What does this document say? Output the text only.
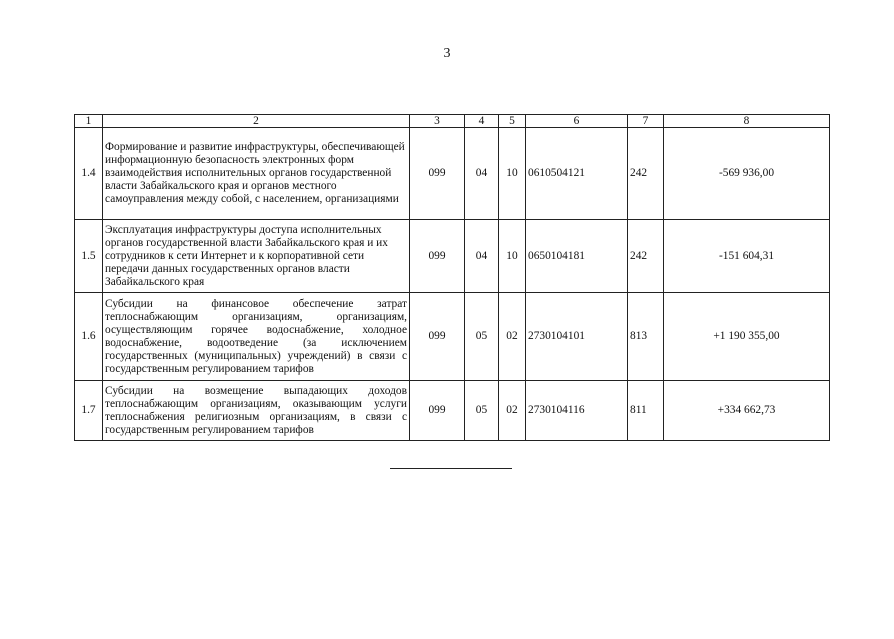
3
1	2	3	4	5	6	7	8
1.4	Формирование и развитие инфраструктуры, обеспечивающей информационную безопасность электронных форм взаимодействия исполнительных органов государственной власти Забайкальского края и органов местного самоуправления между собой, с населением, организациями	099	04	10	0610504121	242	-569 936,00
1.5	Эксплуатация инфраструктуры доступа исполнительных органов государственной власти Забайкальского края и их сотрудников к сети Интернет и к корпоративной сети передачи данных государственных органов власти Забайкальского края	099	04	10	0650104181	242	-151 604,31
1.6	Субсидии на финансовое обеспечение затрат теплоснабжающим организациям, организациям, осуществляющим горячее водоснабжение, холодное водоснабжение, водоотведение (за исключением государственных (муниципальных) учреждений) в связи с государственным регулированием тарифов	099	05	02	2730104101	813	+1 190 355,00
1.7	Субсидии на возмещение выпадающих доходов теплоснабжающим организациям, оказывающим услуги теплоснабжения религиозным организациям, в связи с государственным регулированием тарифов	099	05	02	2730104116	811	+334 662,73
